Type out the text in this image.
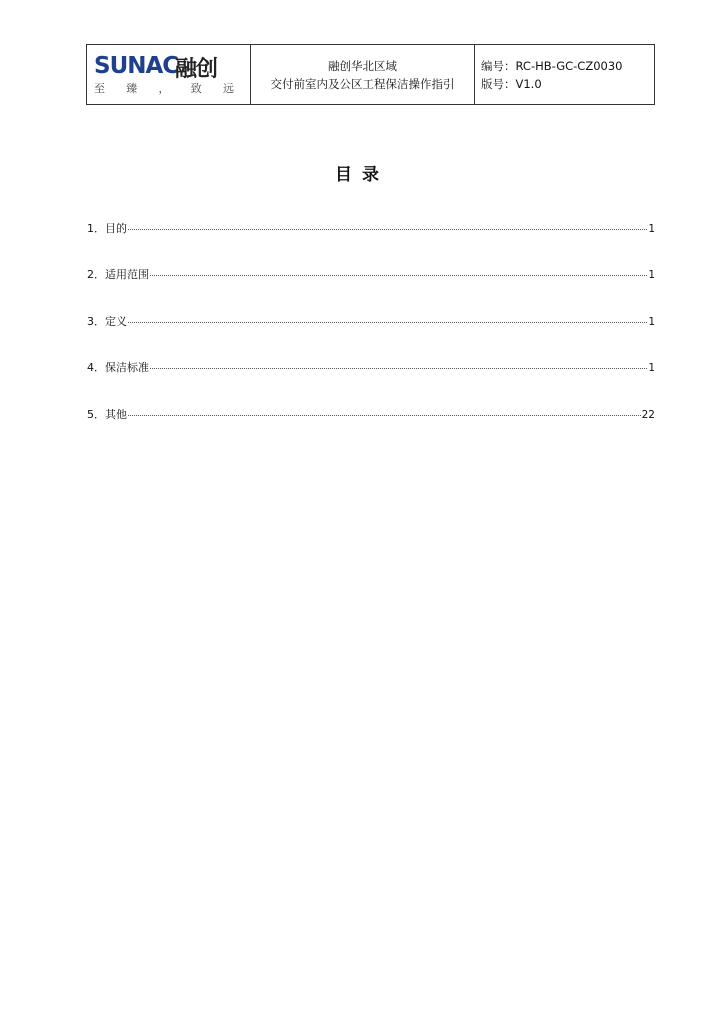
SUNAC
融创
至 臻 ， 致 远
融创华北区域
交付前室内及公区工程保洁操作指引
编号：RC-HB-GC-CZ0030
版号：V1.0
目录
1．目的	1
2．适用范围	1
3．定义	1
4．保洁标准	1
5．其他	22
